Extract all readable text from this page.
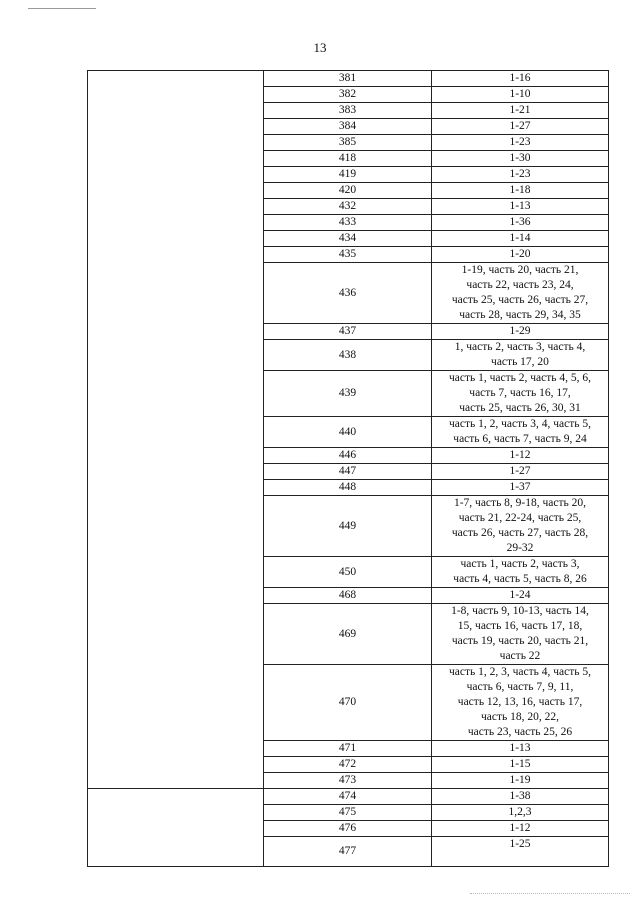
13
	381	1-16

	382	1-10

	383	1-21

	384	1-27

	385	1-23

	418	1-30

	419	1-23

	420	1-18

	432	1-13

	433	1-36

	434	1-14

	435	1-20

	436	1-19, часть 20, часть 21,
часть 22, часть 23, 24,
часть 25, часть 26, часть 27,
часть 28, часть 29, 34, 35

	437	1-29

	438	1, часть 2, часть 3, часть 4,
часть 17, 20

	439	часть 1, часть 2, часть 4, 5, 6,
часть 7, часть 16, 17,
часть 25, часть 26, 30, 31

	440	часть 1, 2, часть 3, 4, часть 5,
часть 6, часть 7, часть 9, 24

	446	1-12

	447	1-27

	448	1-37

	449	1-7, часть 8, 9-18, часть 20,
часть 21, 22-24, часть 25,
часть 26, часть 27, часть 28,
29-32

	450	часть 1, часть 2, часть 3,
часть 4, часть 5, часть 8, 26

	468	1-24

	469	1-8, часть 9, 10-13, часть 14,
15, часть 16, часть 17, 18,
часть 19, часть 20, часть 21,
часть 22

	470	часть 1, 2, 3, часть 4, часть 5,
часть 6, часть 7, 9, 11,
часть 12, 13, 16, часть 17,
часть 18, 20, 22,
часть 23, часть 25, 26

	471	1-13

	472	1-15

	473	1-19

	474	1-38

	475	1,2,3

	476	1-12

	477	1-25
